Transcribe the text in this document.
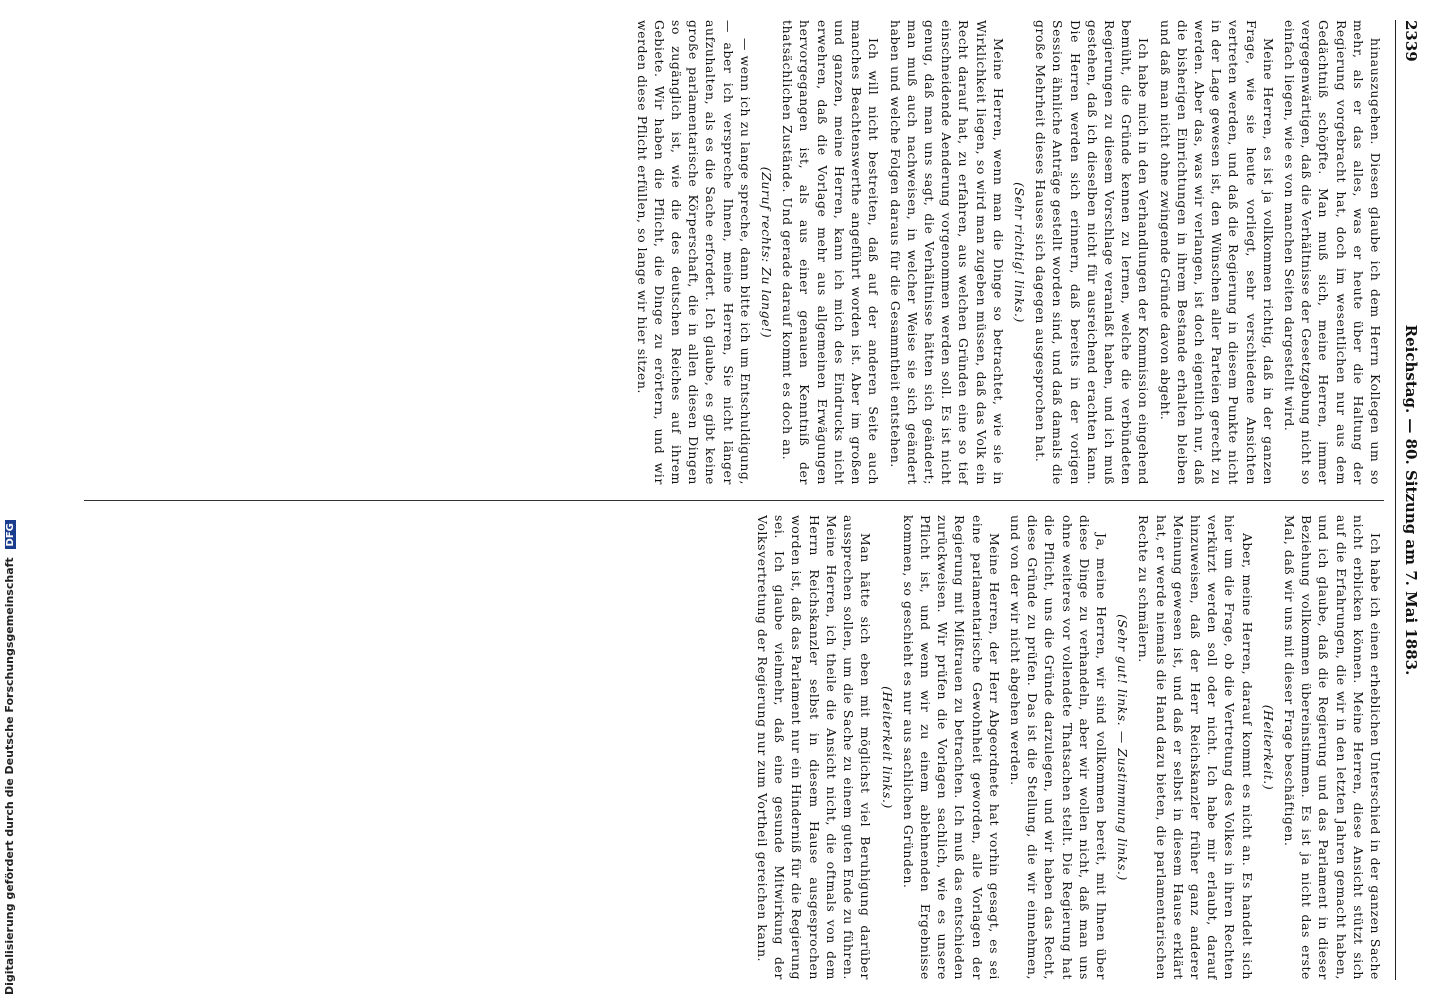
Digitalisierung gefördert durch die Deutsche Forschungsgemeinschaft DFG
2339
Reichstag. — 80. Sitzung am 7. Mai 1883.

hinauszugehen. Diesen glaube ich dem Herrn Kollegen um so mehr, als er das alles, was er heute über die Haltung der Regierung vorgebracht hat, doch im wesentlichen nur aus dem Gedächtniß schöpfte. Man muß sich, meine Herren, immer vergegenwärtigen, daß die Verhältnisse der Gesetzgebung nicht so einfach liegen, wie es von manchen Seiten dargestellt wird.

Meine Herren, es ist ja vollkommen richtig, daß in der ganzen Frage, wie sie heute vorliegt, sehr verschiedene Ansichten vertreten werden, und daß die Regierung in diesem Punkte nicht in der Lage gewesen ist, den Wünschen aller Parteien gerecht zu werden. Aber das, was wir verlangen, ist doch eigentlich nur, daß die bisherigen Einrichtungen in ihrem Bestande erhalten bleiben und daß man nicht ohne zwingende Gründe davon abgeht.

Ich habe mich in den Verhandlungen der Kommission eingehend bemüht, die Gründe kennen zu lernen, welche die verbündeten Regierungen zu diesem Vorschlage veranlaßt haben, und ich muß gestehen, daß ich dieselben nicht für ausreichend erachten kann. Die Herren werden sich erinnern, daß bereits in der vorigen Session ähnliche Anträge gestellt worden sind, und daß damals die große Mehrheit dieses Hauses sich dagegen ausgesprochen hat.

(Sehr richtig! links.)

Meine Herren, wenn man die Dinge so betrachtet, wie sie in Wirklichkeit liegen, so wird man zugeben müssen, daß das Volk ein Recht darauf hat, zu erfahren, aus welchen Gründen eine so tief einschneidende Aenderung vorgenommen werden soll. Es ist nicht genug, daß man uns sagt, die Verhältnisse hätten sich geändert; man muß auch nachweisen, in welcher Weise sie sich geändert haben und welche Folgen daraus für die Gesammtheit entstehen.

Ich will nicht bestreiten, daß auf der anderen Seite auch manches Beachtenswerthe angeführt worden ist. Aber im großen und ganzen, meine Herren, kann ich mich des Eindrucks nicht erwehren, daß die Vorlage mehr aus allgemeinen Erwägungen hervorgegangen ist, als aus einer genauen Kenntniß der thatsächlichen Zustände. Und gerade darauf kommt es doch an.

(Zuruf rechts: Zu lange!)

— wenn ich zu lange spreche, dann bitte ich um Entschuldigung, — aber ich verspreche Ihnen, meine Herren, Sie nicht länger aufzuhalten, als es die Sache erfordert. Ich glaube, es gibt keine große parlamentarische Körperschaft, die in allen diesen Dingen so zugänglich ist, wie die des deutschen Reiches auf ihrem Gebiete. Wir haben die Pflicht, die Dinge zu erörtern, und wir werden diese Pflicht erfüllen, so lange wir hier sitzen.

Ich habe ich einen erheblichen Unterschied in der ganzen Sache nicht erblicken können. Meine Herren, diese Ansicht stützt sich auf die Erfahrungen, die wir in den letzten Jahren gemacht haben, und ich glaube, daß die Regierung und das Parlament in dieser Beziehung vollkommen übereinstimmen. Es ist ja nicht das erste Mal, daß wir uns mit dieser Frage beschäftigen.

(Heiterkeit.)

Aber, meine Herren, darauf kommt es nicht an. Es handelt sich hier um die Frage, ob die Vertretung des Volkes in ihren Rechten verkürzt werden soll oder nicht. Ich habe mir erlaubt, darauf hinzuweisen, daß der Herr Reichskanzler früher ganz anderer Meinung gewesen ist, und daß er selbst in diesem Hause erklärt hat, er werde niemals die Hand dazu bieten, die parlamentarischen Rechte zu schmälern.

(Sehr gut! links. — Zustimmung links.)

Ja, meine Herren, wir sind vollkommen bereit, mit Ihnen über diese Dinge zu verhandeln, aber wir wollen nicht, daß man uns ohne weiteres vor vollendete Thatsachen stellt. Die Regierung hat die Pflicht, uns die Gründe darzulegen, und wir haben das Recht, diese Gründe zu prüfen. Das ist die Stellung, die wir einnehmen, und von der wir nicht abgehen werden.

Meine Herren, der Herr Abgeordnete hat vorhin gesagt, es sei eine parlamentarische Gewohnheit geworden, alle Vorlagen der Regierung mit Mißtrauen zu betrachten. Ich muß das entschieden zurückweisen. Wir prüfen die Vorlagen sachlich, wie es unsere Pflicht ist, und wenn wir zu einem ablehnenden Ergebnisse kommen, so geschieht es nur aus sachlichen Gründen.

(Heiterkeit links.)

Man hätte sich eben mit möglichst viel Beruhigung darüber aussprechen sollen, um die Sache zu einem guten Ende zu führen. Meine Herren, ich theile die Ansicht nicht, die oftmals von dem Herrn Reichskanzler selbst in diesem Hause ausgesprochen worden ist, daß das Parlament nur ein Hinderniß für die Regierung sei. Ich glaube vielmehr, daß eine gesunde Mitwirkung der Volksvertretung der Regierung nur zum Vortheil gereichen kann.
